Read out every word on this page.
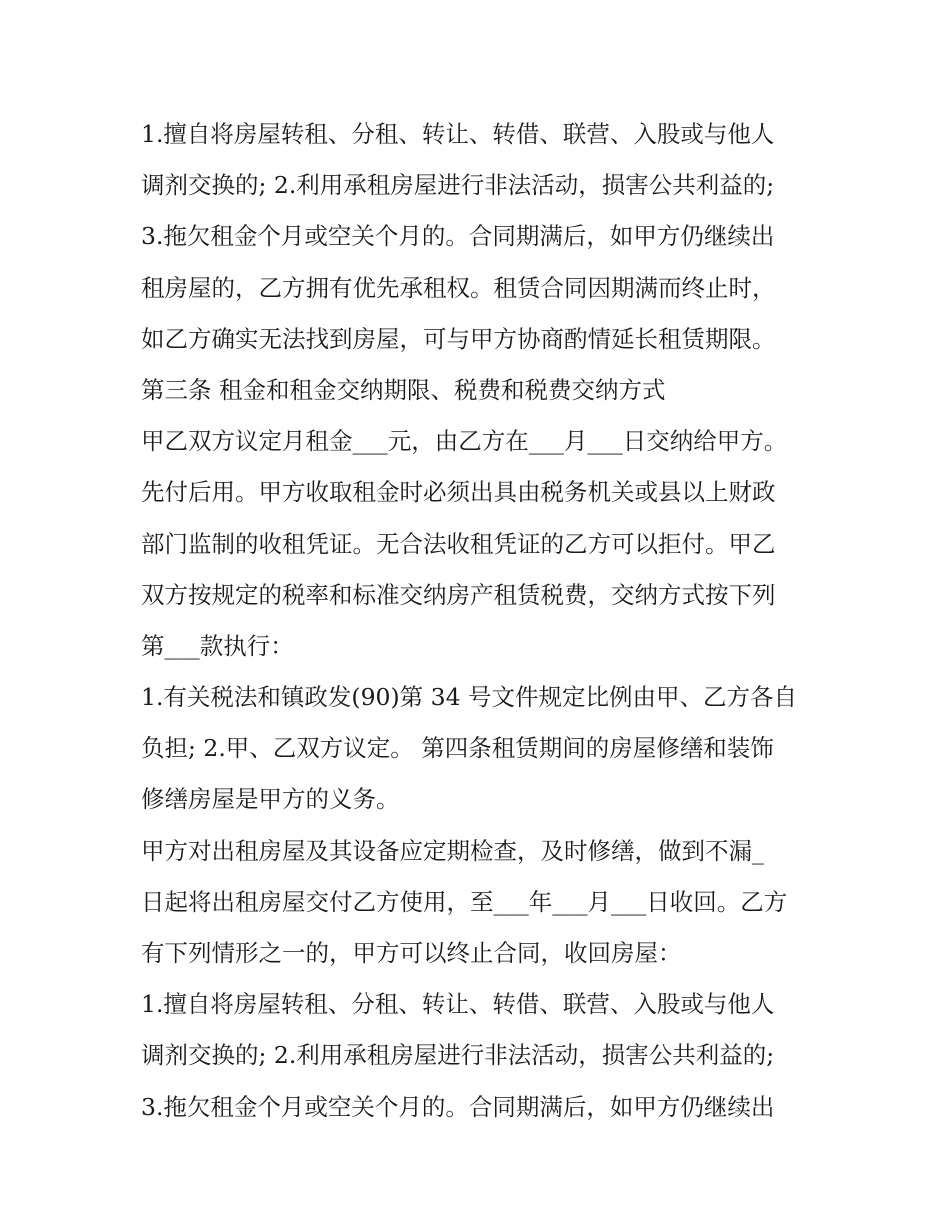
1.擅自将房屋转租、分租、转让、转借、联营、入股或与他人
调剂交换的; 2.利用承租房屋进行非法活动，损害公共利益的;
3.拖欠租金个月或空关个月的。合同期满后，如甲方仍继续出
租房屋的，乙方拥有优先承租权。租赁合同因期满而终止时，
如乙方确实无法找到房屋，可与甲方协商酌情延长租赁期限。
第三条 租金和租金交纳期限、税费和税费交纳方式
甲乙双方议定月租金___元，由乙方在___月___日交纳给甲方。
先付后用。甲方收取租金时必须出具由税务机关或县以上财政
部门监制的收租凭证。无合法收租凭证的乙方可以拒付。甲乙
双方按规定的税率和标准交纳房产租赁税费，交纳方式按下列
第___款执行：
1.有关税法和镇政发(90)第 34 号文件规定比例由甲、乙方各自
负担; 2.甲、乙双方议定。 第四条租赁期间的房屋修缮和装饰
修缮房屋是甲方的义务。
甲方对出租房屋及其设备应定期检查，及时修缮，做到不漏_
日起将出租房屋交付乙方使用，至___年___月___日收回。乙方
有下列情形之一的，甲方可以终止合同，收回房屋：
1.擅自将房屋转租、分租、转让、转借、联营、入股或与他人
调剂交换的; 2.利用承租房屋进行非法活动，损害公共利益的;
3.拖欠租金个月或空关个月的。合同期满后，如甲方仍继续出
